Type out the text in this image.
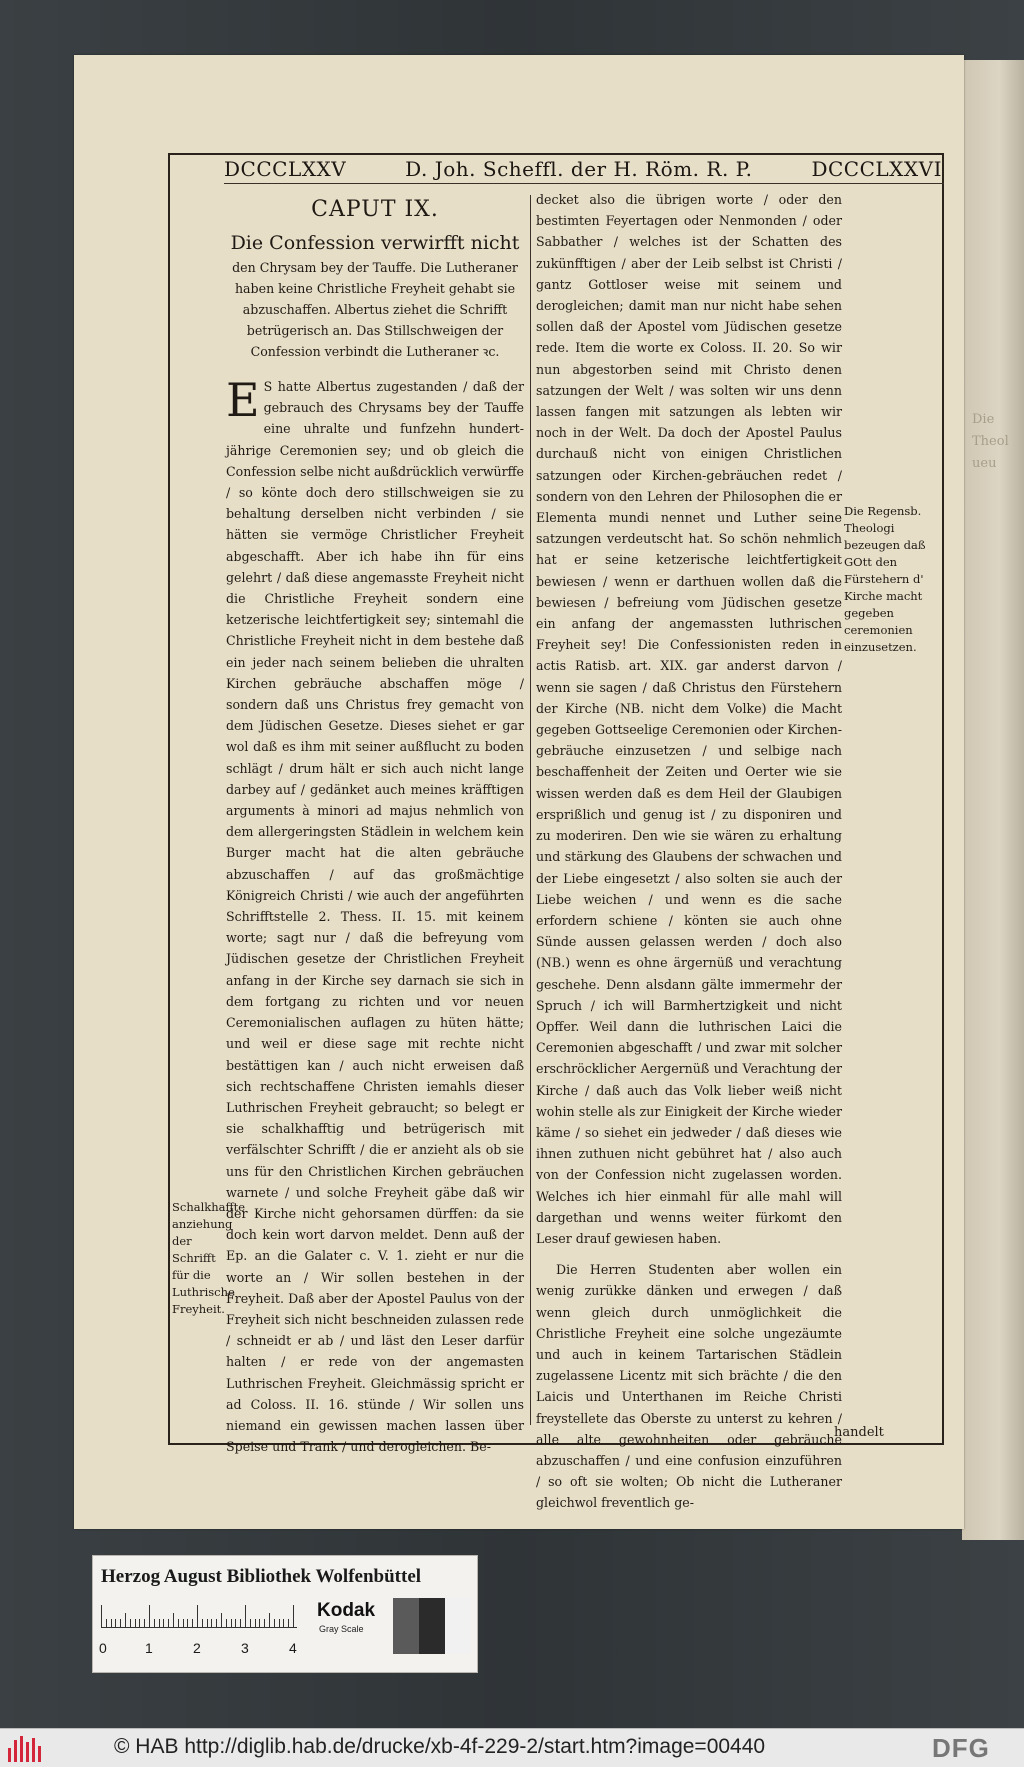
Die
Theol
ueu
DCCCLXXV	D. Joh. Scheffl. der H. Röm. R. P.	DCCCLXXVI
CAPUT IX.
Die Confession verwirfft nicht
den Chrysam bey der Tauffe. Die Lutheraner haben keine Christliche Freyheit gehabt sie abzuschaffen. Albertus ziehet die Schrifft betrügerisch an. Das Stillschweigen der Confession verbindt die Lutheraner ꝛc.

E S hatte Albertus zugestanden / daß der gebrauch des Chrysams bey der Tauffe eine uhralte und funfzehn hundert-jährige Ceremonien sey; und ob gleich die Confession selbe nicht außdrücklich verwürffe / so könte doch dero stillschweigen sie zu behaltung derselben nicht verbinden / sie hätten sie vermöge Christlicher Freyheit abgeschafft. Aber ich habe ihn für eins gelehrt / daß diese angemasste Freyheit nicht die Christliche Freyheit sondern eine ketzerische leichtfertigkeit sey; sintemahl die Christliche Freyheit nicht in dem bestehe daß ein jeder nach seinem belieben die uhralten Kirchen gebräuche abschaffen möge / sondern daß uns Christus frey gemacht von dem Jüdischen Gesetze. Dieses siehet er gar wol daß es ihm mit seiner außflucht zu boden schlägt / drum hält er sich auch nicht lange darbey auf / gedänket auch meines kräfftigen arguments à minori ad majus nehmlich von dem allergeringsten Städlein in welchem kein Burger macht hat die alten gebräuche abzuschaffen / auf das großmächtige Königreich Christi / wie auch der angeführten Schrifftstelle 2. Thess. II. 15. mit keinem worte; sagt nur / daß die befreyung vom Jüdischen gesetze der Christlichen Freyheit anfang in der Kirche sey darnach sie sich in dem fortgang zu richten und vor neuen Ceremonialischen auflagen zu hüten hätte; und weil er diese sage mit rechte nicht bestättigen kan / auch nicht erweisen daß sich rechtschaffene Christen iemahls dieser Luthrischen Freyheit gebraucht; so belegt er sie schalkhafftig und betrügerisch mit verfälschter Schrifft / die er anzieht als ob sie uns für den Christlichen Kirchen gebräuchen warnete / und solche Freyheit gäbe daß wir der Kirche nicht gehorsamen dürffen: da sie doch kein wort darvon meldet. Denn auß der Ep. an die Galater c. V. 1. zieht er nur die worte an / Wir sollen bestehen in der Freyheit. Daß aber der Apostel Paulus von der Freyheit sich nicht beschneiden zulassen rede / schneidt er ab / und läst den Leser darfür halten / er rede von der angemasten Luthrischen Freyheit. Gleichmässig spricht er ad Coloss. II. 16. stünde / Wir sollen uns niemand ein gewissen machen lassen über Speise und Trank / und derogleichen. Be-

decket also die übrigen worte / oder den bestimten Feyertagen oder Nenmonden / oder Sabbather / welches ist der Schatten des zukünfftigen / aber der Leib selbst ist Christi / gantz Gottloser weise mit seinem und derogleichen; damit man nur nicht habe sehen sollen daß der Apostel vom Jüdischen gesetze rede. Item die worte ex Coloss. II. 20. So wir nun abgestorben seind mit Christo denen satzungen der Welt / was solten wir uns denn lassen fangen mit satzungen als lebten wir noch in der Welt. Da doch der Apostel Paulus durchauß nicht von einigen Christlichen satzungen oder Kirchen-gebräuchen redet / sondern von den Lehren der Philosophen die er Elementa mundi nennet und Luther seine satzungen verdeutscht hat. So schön nehmlich hat er seine ketzerische leichtfertigkeit bewiesen / wenn er darthuen wollen daß die bewiesen / befreiung vom Jüdischen gesetze ein anfang der angemassten luthrischen Freyheit sey! Die Confessionisten reden in actis Ratisb. art. XIX. gar anderst darvon / wenn sie sagen / daß Christus den Fürstehern der Kirche (NB. nicht dem Volke) die Macht gegeben Gottseelige Ceremonien oder Kirchen-gebräuche einzusetzen / und selbige nach beschaffenheit der Zeiten und Oerter wie sie wissen werden daß es dem Heil der Glaubigen ersprißlich und genug ist / zu disponiren und zu moderiren. Den wie sie wären zu erhaltung und stärkung des Glaubens der schwachen und der Liebe eingesetzt / also solten sie auch der Liebe weichen / und wenn es die sache erfordern schiene / könten sie auch ohne Sünde aussen gelassen werden / doch also (NB.) wenn es ohne ärgernüß und verachtung geschehe. Denn alsdann gälte immermehr der Spruch / ich will Barmhertzigkeit und nicht Opffer. Weil dann die luthrischen Laici die Ceremonien abgeschafft / und zwar mit solcher erschröcklicher Aergernüß und Verachtung der Kirche / daß auch das Volk lieber weiß nicht wohin stelle als zur Einigkeit der Kirche wieder käme / so siehet ein jedweder / daß dieses wie ihnen zuthuen nicht gebühret hat / also auch von der Confession nicht zugelassen worden. Welches ich hier einmahl für alle mahl will dargethan und wenns weiter fürkomt den Leser drauf gewiesen haben.

Die Herren Studenten aber wollen ein wenig zurükke dänken und erwegen / daß wenn gleich durch unmöglichkeit die Christliche Freyheit eine solche ungezäumte und auch in keinem Tartarischen Städlein zugelassene Licentz mit sich brächte / die den Laicis und Unterthanen im Reiche Christi freystellete das Oberste zu unterst zu kehren / alle alte gewohnheiten oder gebräuche abzuschaffen / und eine confusion einzuführen / so oft sie wolten; Ob nicht die Lutheraner gleichwol freventlich ge-

handelt
Die Regensb. Theologi bezeugen daß GOtt den Fürstehern d' Kirche macht gegeben ceremonien einzusetzen.
Schalkhaffte anziehung der Schrifft für die Luthrische Freyheit.
Herzog August Bibliothek Wolfenbüttel
0	1	2	3	4
Kodak
Gray Scale
© HAB http://diglib.hab.de/drucke/xb-4f-229-2/start.htm?image=00440	DFG
